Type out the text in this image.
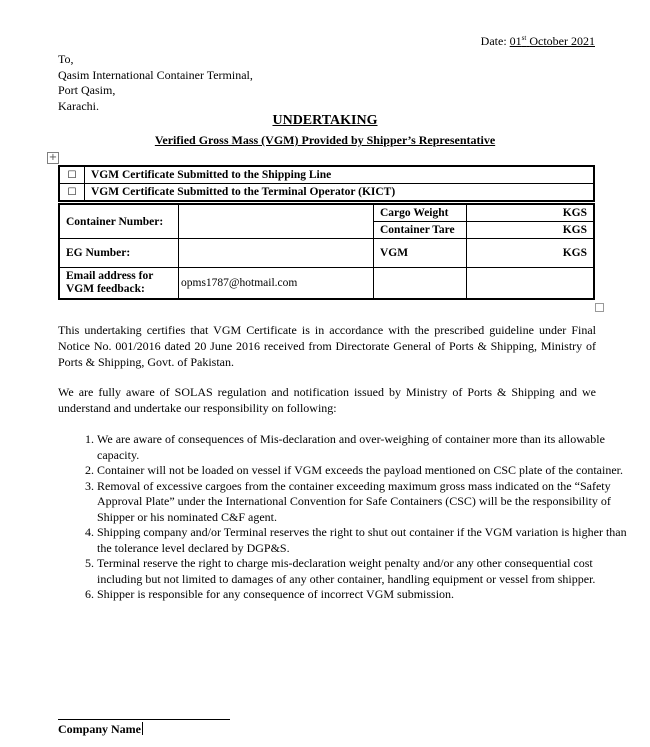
Date: 01st October 2021
To,
Qasim International Container Terminal,
Port Qasim,
Karachi.
UNDERTAKING
Verified Gross Mass (VGM) Provided by Shipper’s Representative
+
☐	VGM Certificate Submitted to the Shipping Line
☐	VGM Certificate Submitted to the Terminal Operator (KICT)
Container Number:		Cargo Weight	KGS
		Container Tare	KGS
EG Number:		VGM	KGS

Email address for
VGM feedback:	opms1787@hotmail.com		
This undertaking certifies that VGM Certificate is in accordance with the prescribed guideline under Final Notice No. 001/2016 dated 20 June 2016 received from Directorate General of Ports & Shipping, Ministry of Ports & Shipping, Govt. of Pakistan.
We are fully aware of SOLAS regulation and notification issued by Ministry of Ports & Shipping and we understand and undertake our responsibility on following:
1. We are aware of consequences of Mis-declaration and over-weighing of container more than its allowable capacity.
2. Container will not be loaded on vessel if VGM exceeds the payload mentioned on CSC plate of the container.
3. Removal of excessive cargoes from the container exceeding maximum gross mass indicated on the “Safety Approval Plate” under the International Convention for Safe Containers (CSC) will be the responsibility of Shipper or his nominated C&F agent.
4. Shipping company and/or Terminal reserves the right to shut out container if the VGM variation is higher than the tolerance level declared by DGP&S.
5. Terminal reserve the right to charge mis-declaration weight penalty and/or any other consequential cost including but not limited to damages of any other container, handling equipment or vessel from shipper.
6. Shipper is responsible for any consequence of incorrect VGM submission.
Company Name
